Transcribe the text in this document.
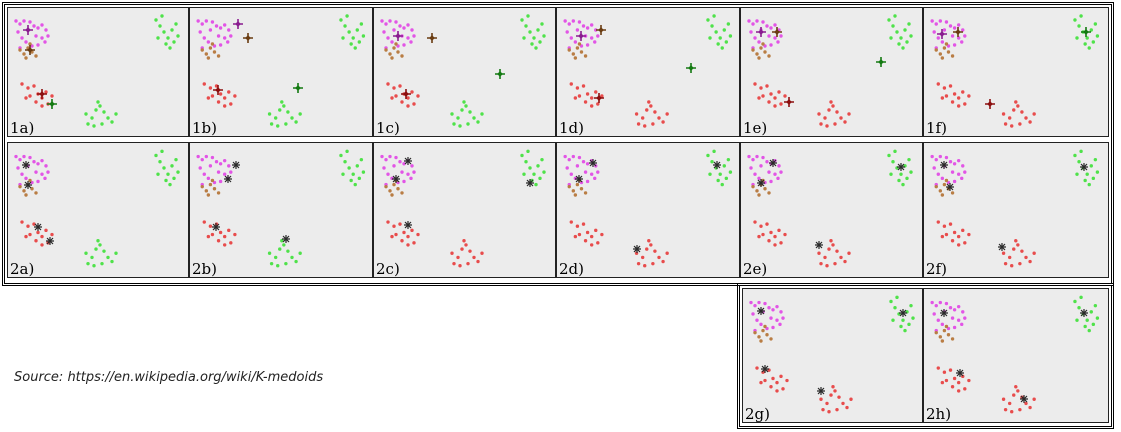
1a)	1b)	1c)	1d)	1e)	1f)
2a)	2b)	2c)	2d)	2e)	2f)
2g)	2h)
Source: https://en.wikipedia.org/wiki/K-medoids
